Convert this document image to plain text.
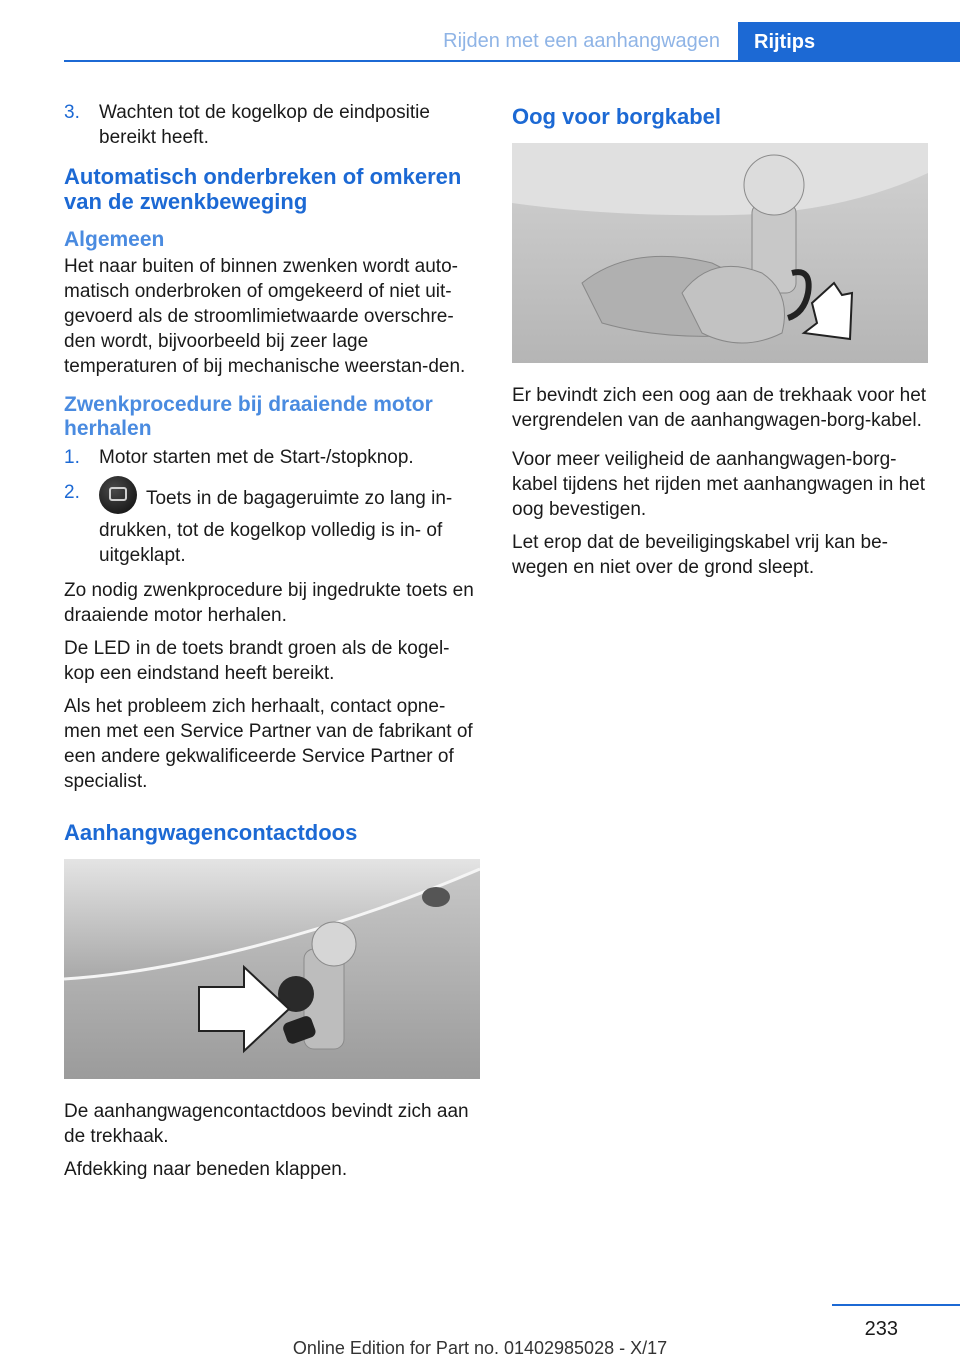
Rijden met een aanhangwagen	Rijtips
3. Wachten tot de kogelkop de eindpositie bereikt heeft.
Automatisch onderbreken of omkeren van de zwenkbeweging
Algemeen

Het naar buiten of binnen zwenken wordt auto-matisch onderbroken of omgekeerd of niet uit-gevoerd als de stroomlimietwaarde overschre-den wordt, bijvoorbeeld bij zeer lage temperaturen of bij mechanische weerstan-den.

Zwenkprocedure bij draaiende motor herhalen
1. Motor starten met de Start-/stopknop.
2.	Toets in de bagageruimte zo lang in-drukken, tot de kogelkop volledig is in- of uitgeklapt.

Zo nodig zwenkprocedure bij ingedrukte toets en draaiende motor herhalen.

De LED in de toets brandt groen als de kogel-kop een eindstand heeft bereikt.

Als het probleem zich herhaalt, contact opne-men met een Service Partner van de fabrikant of een andere gekwalificeerde Service Partner of specialist.

Aanhangwagencontactdoos

De aanhangwagencontactdoos bevindt zich aan de trekhaak.

Afdekking naar beneden klappen.

Oog voor borgkabel

Er bevindt zich een oog aan de trekhaak voor het vergrendelen van de aanhangwagen-borg-kabel.

Voor meer veiligheid de aanhangwagen-borg-kabel tijdens het rijden met aanhangwagen in het oog bevestigen.

Let erop dat de beveiligingskabel vrij kan be-wegen en niet over de grond sleept.

233
Online Edition for Part no. 01402985028 - X/17
